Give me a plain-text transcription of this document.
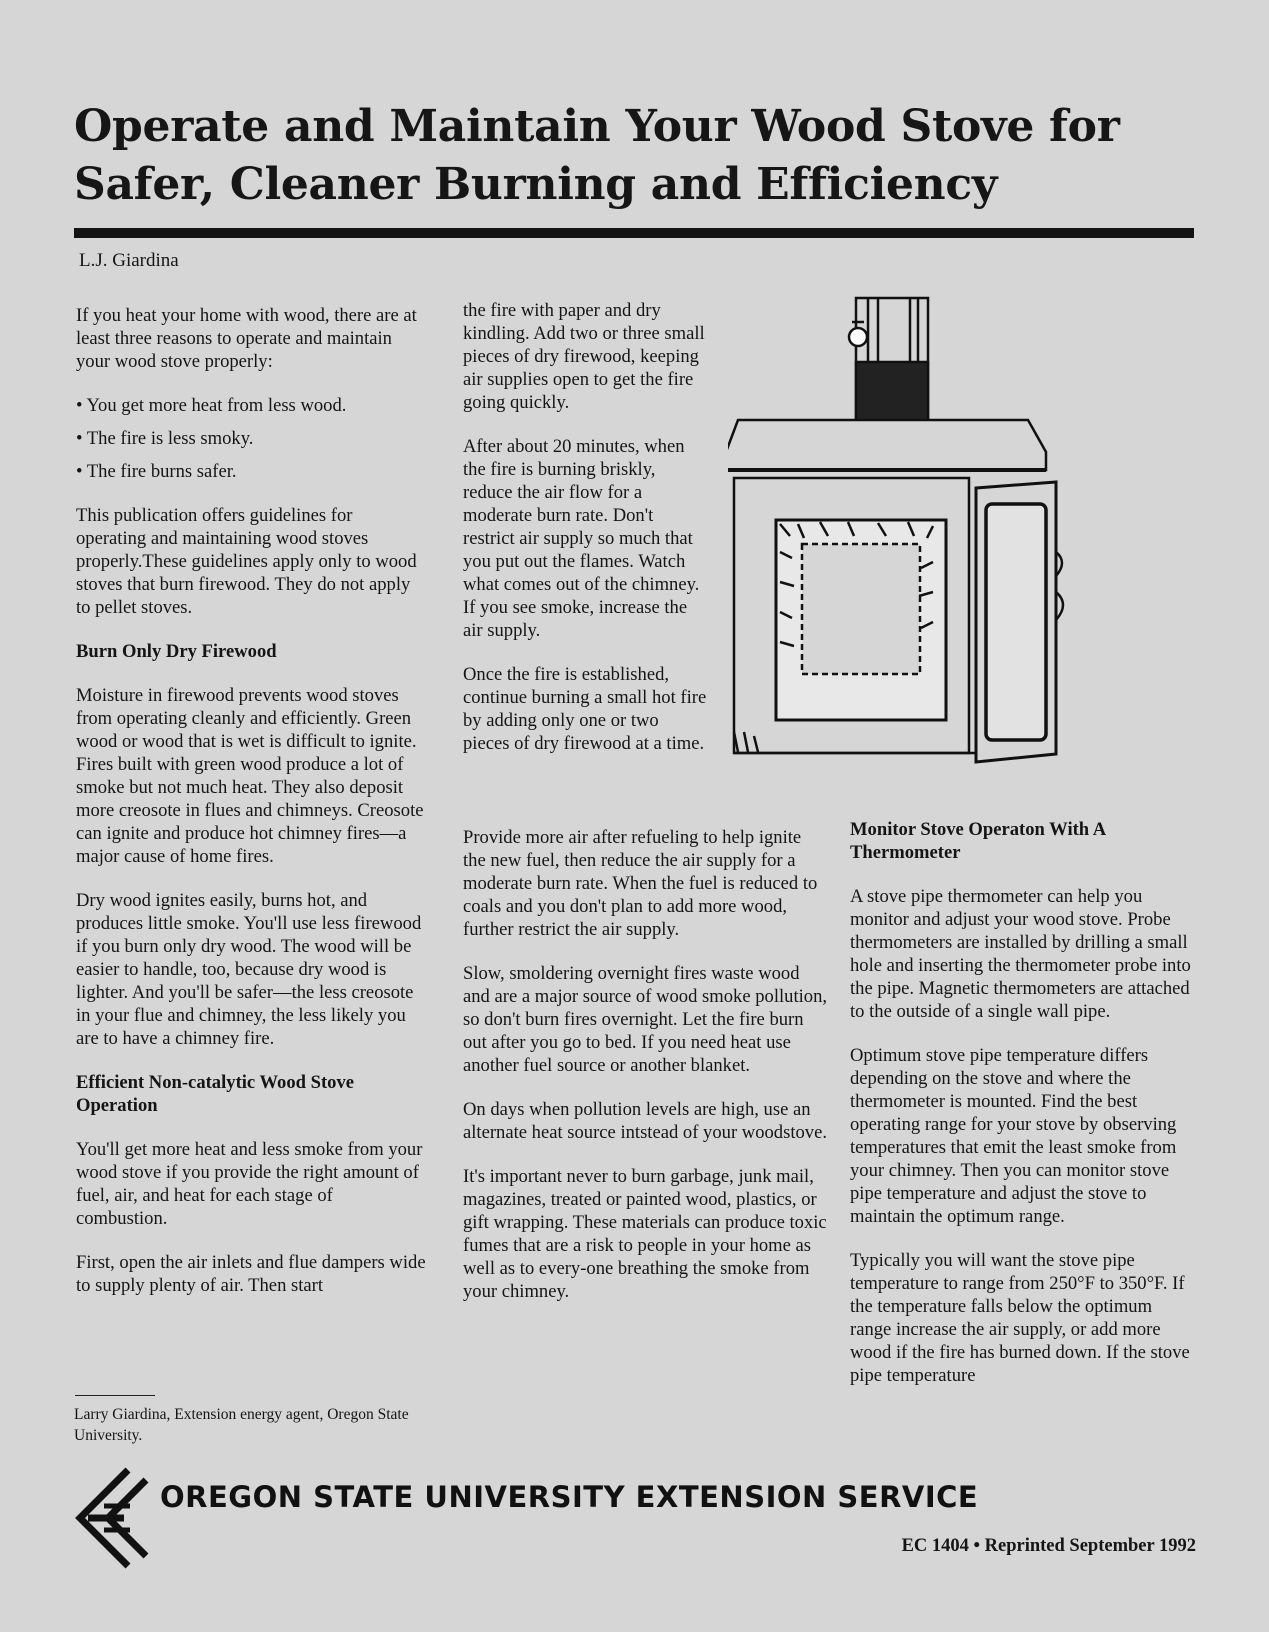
Operate and Maintain Your Wood Stove for Safer, Cleaner Burning and Efficiency
L.J. Giardina

If you heat your home with wood, there are at least three reasons to operate and maintain your wood stove properly:

• You get more heat from less wood.
• The fire is less smoky.
• The fire burns safer.

This publication offers guidelines for operating and maintaining wood stoves properly.These guidelines apply only to wood stoves that burn firewood. They do not apply to pellet stoves.

Burn Only Dry Firewood

Moisture in firewood prevents wood stoves from operating cleanly and efficiently. Green wood or wood that is wet is difficult to ignite. Fires built with green wood produce a lot of smoke but not much heat. They also deposit more creosote in flues and chimneys. Creosote can ignite and produce hot chimney fires—a major cause of home fires.

Dry wood ignites easily, burns hot, and produces little smoke. You'll use less firewood if you burn only dry wood. The wood will be easier to handle, too, because dry wood is lighter. And you'll be safer—the less creosote in your flue and chimney, the less likely you are to have a chimney fire.

Efficient Non-catalytic Wood Stove Operation

You'll get more heat and less smoke from your wood stove if you provide the right amount of fuel, air, and heat for each stage of combustion.

First, open the air inlets and flue dampers wide to supply plenty of air. Then start

the fire with paper and dry kindling. Add two or three small pieces of dry firewood, keeping air supplies open to get the fire going quickly.

After about 20 minutes, when the fire is burning briskly, reduce the air flow for a moderate burn rate. Don't restrict air supply so much that you put out the flames. Watch what comes out of the chimney. If you see smoke, increase the air supply.

Once the fire is established, continue burning a small hot fire by adding only one or two pieces of dry firewood at a time.

Provide more air after refueling to help ignite the new fuel, then reduce the air supply for a moderate burn rate. When the fuel is reduced to coals and you don't plan to add more wood, further restrict the air supply.

Slow, smoldering overnight fires waste wood and are a major source of wood smoke pollution, so don't burn fires overnight. Let the fire burn out after you go to bed. If you need heat use another fuel source or another blanket.

On days when pollution levels are high, use an alternate heat source intstead of your woodstove.

It's important never to burn garbage, junk mail, magazines, treated or painted wood, plastics, or gift wrapping. These materials can produce toxic fumes that are a risk to people in your home as well as to every-one breathing the smoke from your chimney.

Monitor Stove Operaton With A Thermometer

A stove pipe thermometer can help you monitor and adjust your wood stove. Probe thermometers are installed by drilling a small hole and inserting the thermometer probe into the pipe. Magnetic thermometers are attached to the outside of a single wall pipe.

Optimum stove pipe temperature differs depending on the stove and where the thermometer is mounted. Find the best operating range for your stove by observing temperatures that emit the least smoke from your chimney. Then you can monitor stove pipe temperature and adjust the stove to maintain the optimum range.

Typically you will want the stove pipe temperature to range from 250°F to 350°F. If the temperature falls below the optimum range increase the air supply, or add more wood if the fire has burned down. If the stove pipe temperature

Larry Giardina, Extension energy agent, Oregon State University.
OREGON STATE UNIVERSITY EXTENSION SERVICE
EC 1404 • Reprinted September 1992
